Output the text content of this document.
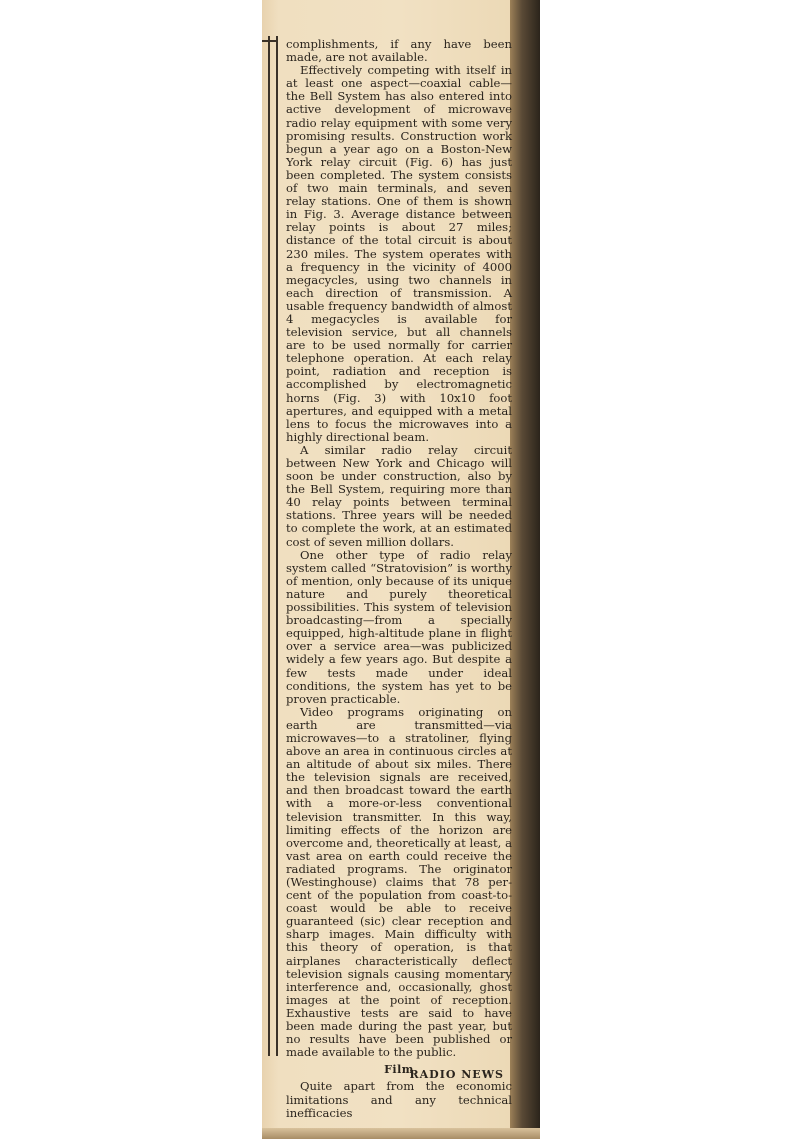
complishments, if any have been made, are not available.

Effectively competing with itself in at least one aspect—coaxial cable—the Bell System has also entered into active development of microwave radio relay equipment with some very promising results. Construction work begun a year ago on a Boston-New York relay circuit (Fig. 6) has just been completed. The system consists of two main terminals, and seven relay stations. One of them is shown in Fig. 3. Average distance between relay points is about 27 miles; distance of the total circuit is about 230 miles. The system operates with a frequency in the vicinity of 4000 megacycles, using two channels in each direction of transmission. A usable frequency bandwidth of almost 4 megacycles is available for television service, but all channels are to be used normally for carrier telephone operation. At each relay point, radiation and reception is accomplished by electromagnetic horns (Fig. 3) with 10x10 foot apertures, and equipped with a metal lens to focus the microwaves into a highly directional beam.

A similar radio relay circuit between New York and Chicago will soon be under construction, also by the Bell System, requiring more than 40 relay points between terminal stations. Three years will be needed to complete the work, at an estimated cost of seven million dollars.

One other type of radio relay system called “Stratovision” is worthy of mention, only because of its unique nature and purely theoretical possibilities. This system of television broadcasting—from a specially equipped, high-altitude plane in flight over a service area—was publicized widely a few years ago. But despite a few tests made under ideal conditions, the system has yet to be proven practicable.

Video programs originating on earth are transmitted—via microwaves—to a stratoliner, flying above an area in continuous circles at an altitude of about six miles. There the television signals are received, and then broadcast toward the earth with a more-or-less conventional television transmitter. In this way, limiting effects of the horizon are overcome and, theoretically at least, a vast area on earth could receive the radiated programs. The originator (Westinghouse) claims that 78 per-cent of the population from coast-to-coast would be able to receive guaranteed (sic) clear reception and sharp images. Main difficulty with this theory of operation, is that airplanes characteristically deflect television signals causing momentary interference and, occasionally, ghost images at the point of reception. Exhaustive tests are said to have been made during the past year, but no results have been published or made available to the public.

Film

Quite apart from the economic limitations and any technical inefficacies

RADIO NEWS
